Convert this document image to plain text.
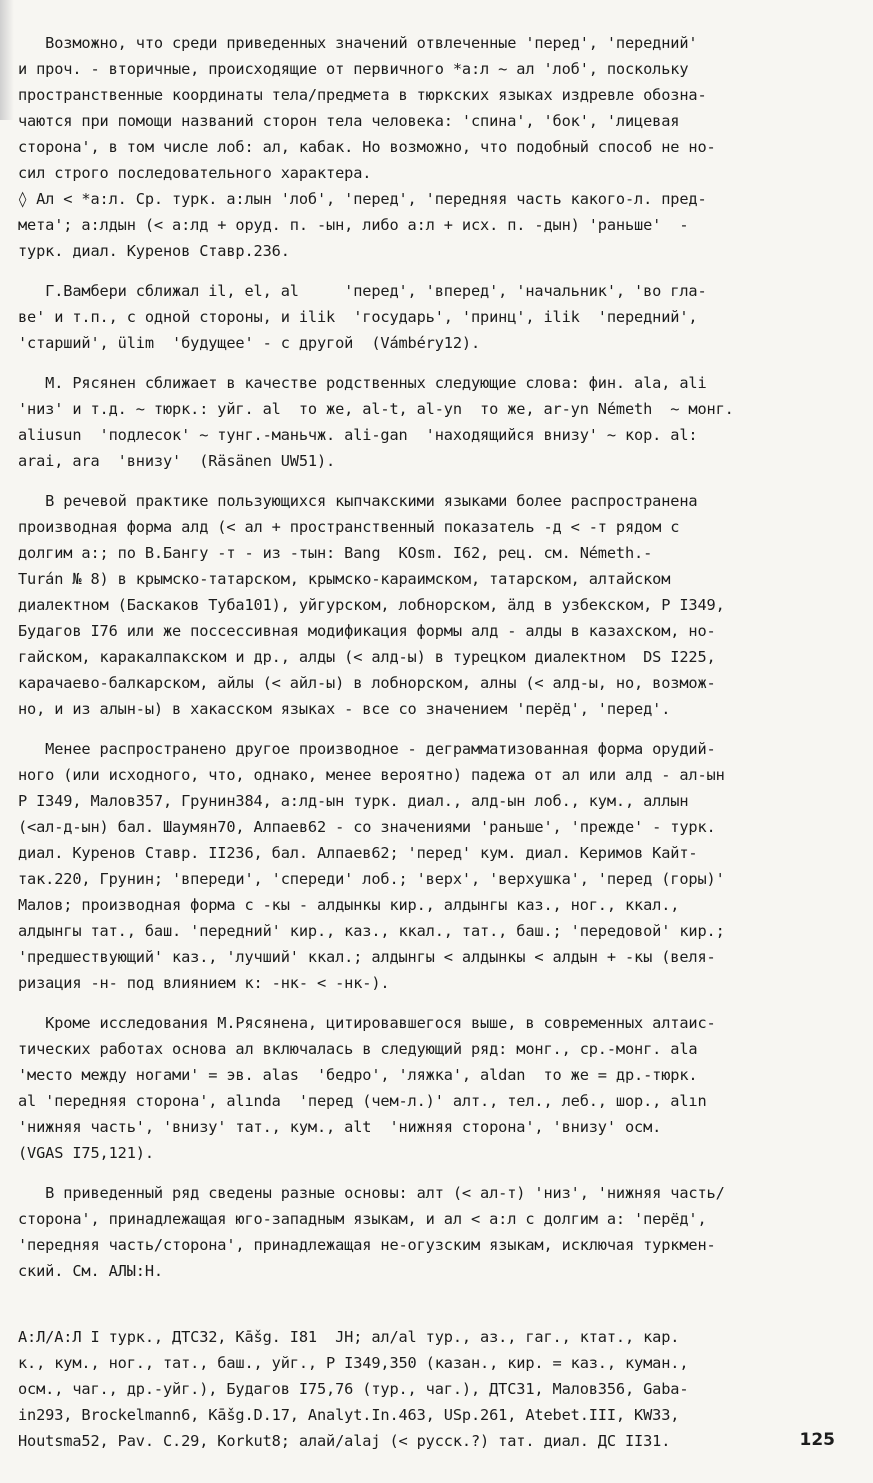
Возможно, что среди приведенных значений отвлеченные 'перед', 'передний'
и проч. - вторичные, происходящие от первичного *а:л ~ ал 'лоб', поскольку
пространственные координаты тела/предмета в тюркских языках издревле обозна-
чаются при помощи названий сторон тела человека: 'спина', 'бок', 'лицевая
сторона', в том числе лоб: ал, кабак. Но возможно, что подобный способ не но-
сил строго последовательного характера.
◊ Ал < *а:л. Ср. турк. а:лын 'лоб', 'перед', 'передняя часть какого-л. пред-
мета'; а:лдын (< а:лд + оруд. п. -ын, либо а:л + исх. п. -дын) 'раньше'  -
турк. диал. Куренов Ставр.236.
Г.Вамбери сближал il, el, al     'перед', 'вперед', 'начальник', 'во гла-
ве' и т.п., с одной стороны, и ilik  'государь', 'принц', ilik  'передний',
'старший', ülim  'будущее' - с другой  (Vámbéry12).
М. Рясянен сближает в качестве родственных следующие слова: фин. ala, ali
'низ' и т.д. ~ тюрк.: уйг. al  то же, al-t, al-yn  то же, ar-yn Németh  ~ монг.
aliusun  'подлесок' ~ тунг.-маньчж. ali-gan  'находящийся внизу' ~ кор. al:
arai, ara  'внизу'  (Räsänen UW51).
В речевой практике пользующихся кыпчакскими языками более распространена
производная форма алд (< ал + пространственный показатель -д < -т рядом с
долгим а:; по В.Бангу -т - из -тын: Bang  KOsm. I62, рец. см. Németh.-
Turán № 8) в крымско-татарском, крымско-караимском, татарском, алтайском
диалектном (Баскаков Туба101), уйгурском, лобнорском, äлд в узбекском, Р I349,
Будагов I76 или же поссессивная модификация формы алд - алды в казахском, но-
гайском, каракалпакском и др., алды (< алд-ы) в турецком диалектном  DS I225,
карачаево-балкарском, айлы (< айл-ы) в лобнорском, алны (< алд-ы, но, возмож-
но, и из алын-ы) в хакасском языках - все со значением 'перёд', 'перед'.
Менее распространено другое производное - деграмматизованная форма орудий-
ного (или исходного, что, однако, менее вероятно) падежа от ал или алд - ал-ын
Р I349, Малов357, Грунин384, а:лд-ын турк. диал., алд-ын лоб., кум., аллын
(<ал-д-ын) бал. Шаумян70, Алпаев62 - со значениями 'раньше', 'прежде' - турк.
диал. Куренов Ставр. II236, бал. Алпаев62; 'перед' кум. диал. Керимов Кайт-
так.220, Грунин; 'впереди', 'спереди' лоб.; 'верх', 'верхушка', 'перед (горы)'
Малов; производная форма с -кы - алдынкы кир., алдынгы каз., ног., ккал.,
алдынгы тат., баш. 'передний' кир., каз., ккал., тат., баш.; 'передовой' кир.;
'предшествующий' каз., 'лучший' ккал.; алдынгы < алдынкы < алдын + -кы (веля-
ризация -н- под влиянием к: -нк- < -нк-).
Кроме исследования М.Рясянена, цитировавшегося выше, в современных алтаис-
тических работах основа ал включалась в следующий ряд: монг., ср.-монг. ala
'место между ногами' = эв. alas  'бедро', 'ляжка', aldan  то же = др.-тюрк.
al 'передняя сторона', alında  'перед (чем-л.)' алт., тел., леб., шор., alın
'нижняя часть', 'внизу' тат., кум., alt  'нижняя сторона', 'внизу' осм.
(VGAS I75,121).
В приведенный ряд сведены разные основы: алт (< ал-т) 'низ', 'нижняя часть/
сторона', принадлежащая юго-западным языкам, и ал < а:л с долгим а: 'перёд',
'передняя часть/сторона', принадлежащая не-огузским языкам, исключая туркмен-
ский. См. АЛЫ:Н.
А:Л/А:Л I турк., ДТС32, Kāšg. I81  ЈН; ал/al тур., аз., гаг., ктат., кар.
к., кум., ног., тат., баш., уйг., Р I349,350 (казан., кир. = каз., куман.,
осм., чаг., др.-уйг.), Будагов I75,76 (тур., чаг.), ДТС31, Малов356, Gaba-
in293, Brockelmann6, Kāšg.D.17, Analyt.In.463, USp.261, Atebet.III, KW33,
Houtsma52, Pav. C.29, Korkut8; алай/alaj (< русск.?) тат. диал. ДС II31.	125
